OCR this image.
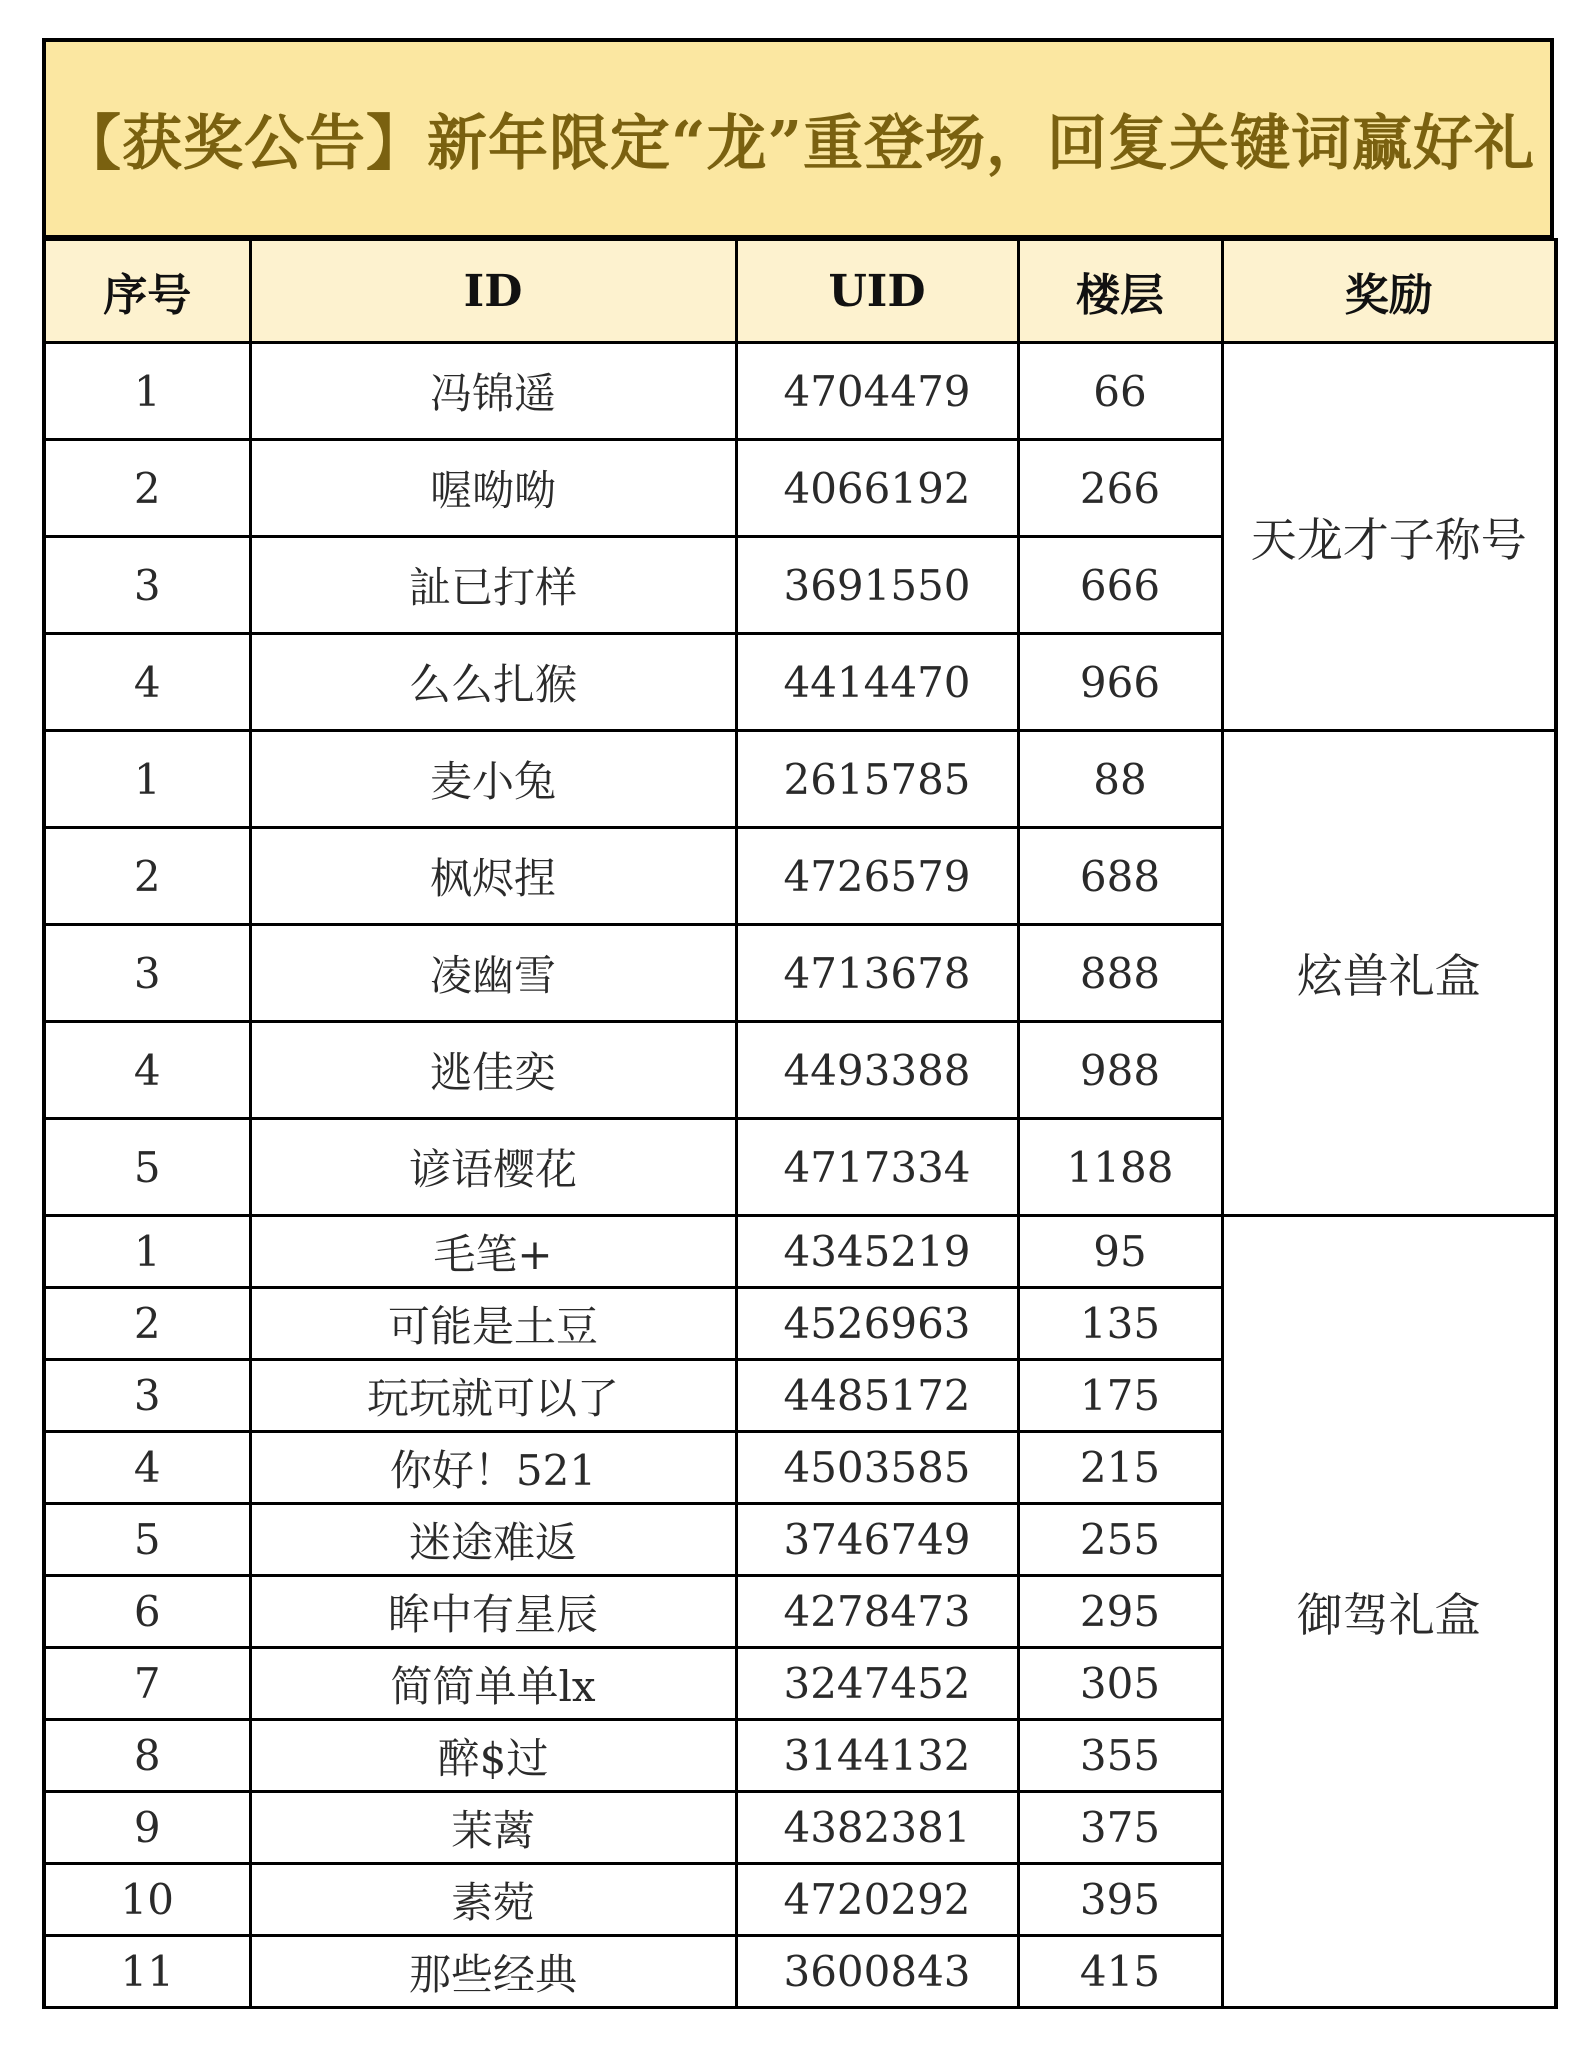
【获奖公告】新年限定“龙”重登场，回复关键词赢好礼
序号	ID	UID	楼层	奖励
1	冯锦遥	4704479	66	天龙才子称号
2	喔呦呦	4066192	266	
3	訨已打样	3691550	666	
4	么么扎猴	4414470	966	
1	麦小兔	2615785	88	炫兽礼盒
2	枫烬捏	4726579	688	
3	凌幽雪	4713678	888	
4	逃佳奕	4493388	988	
5	谚语樱花	4717334	1188	
1	毛笔+	4345219	95	御驾礼盒
2	可能是土豆	4526963	135	
3	玩玩就可以了	4485172	175	
4	你好！521	4503585	215	
5	迷途难返	3746749	255	
6	眸中有星辰	4278473	295	
7	简简单单lx	3247452	305	
8	醉$过	3144132	355	
9	茉蓠	4382381	375	
10	素菀	4720292	395	
11	那些经典	3600843	415	
